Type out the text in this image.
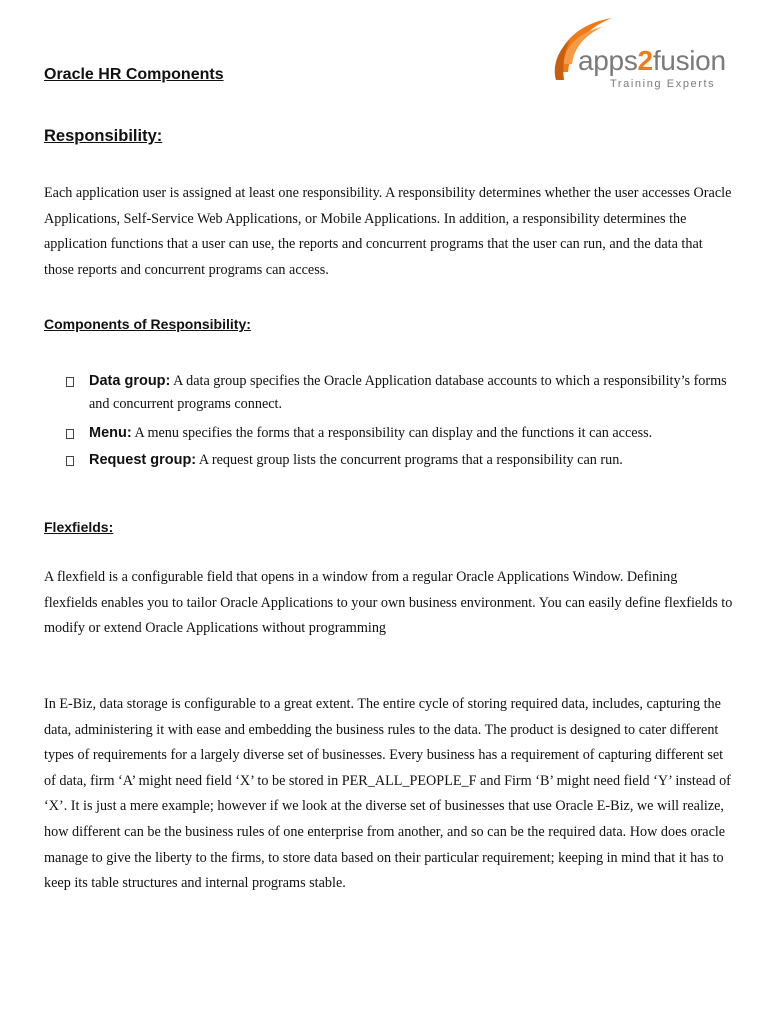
apps2fusion
Training Experts
Oracle HR Components
Responsibility:

Each application user is assigned at least one responsibility. A responsibility determines whether the user accesses Oracle Applications, Self-Service Web Applications, or Mobile Applications. In addition, a responsibility determines the application functions that a user can use, the reports and concurrent programs that the user can run, and the data that those reports and concurrent programs can access.

Components of Responsibility:
Data group: A data group specifies the Oracle Application database accounts to which a responsibility’s forms and concurrent programs connect.
Menu: A menu specifies the forms that a responsibility can display and the functions it can access.
Request group: A request group lists the concurrent programs that a responsibility can run.
Flexfields:

A flexfield is a configurable field that opens in a window from a regular Oracle Applications Window. Defining flexfields enables you to tailor Oracle Applications to your own business environment. You can easily define flexfields to modify or extend Oracle Applications without programming

In E-Biz, data storage is configurable to a great extent. The entire cycle of storing required data, includes, capturing the data, administering it with ease and embedding the business rules to the data. The product is designed to cater different types of requirements for a largely diverse set of businesses. Every business has a requirement of capturing different set of data, firm ‘A’ might need field ‘X’ to be stored in PER_ALL_PEOPLE_F and Firm ‘B’ might need field ‘Y’ instead of ‘X’. It is just a mere example; however if we look at the diverse set of businesses that use Oracle E-Biz, we will realize, how different can be the business rules of one enterprise from another, and so can be the required data. How does oracle manage to give the liberty to the firms, to store data based on their particular requirement; keeping in mind that it has to keep its table structures and internal programs stable.
